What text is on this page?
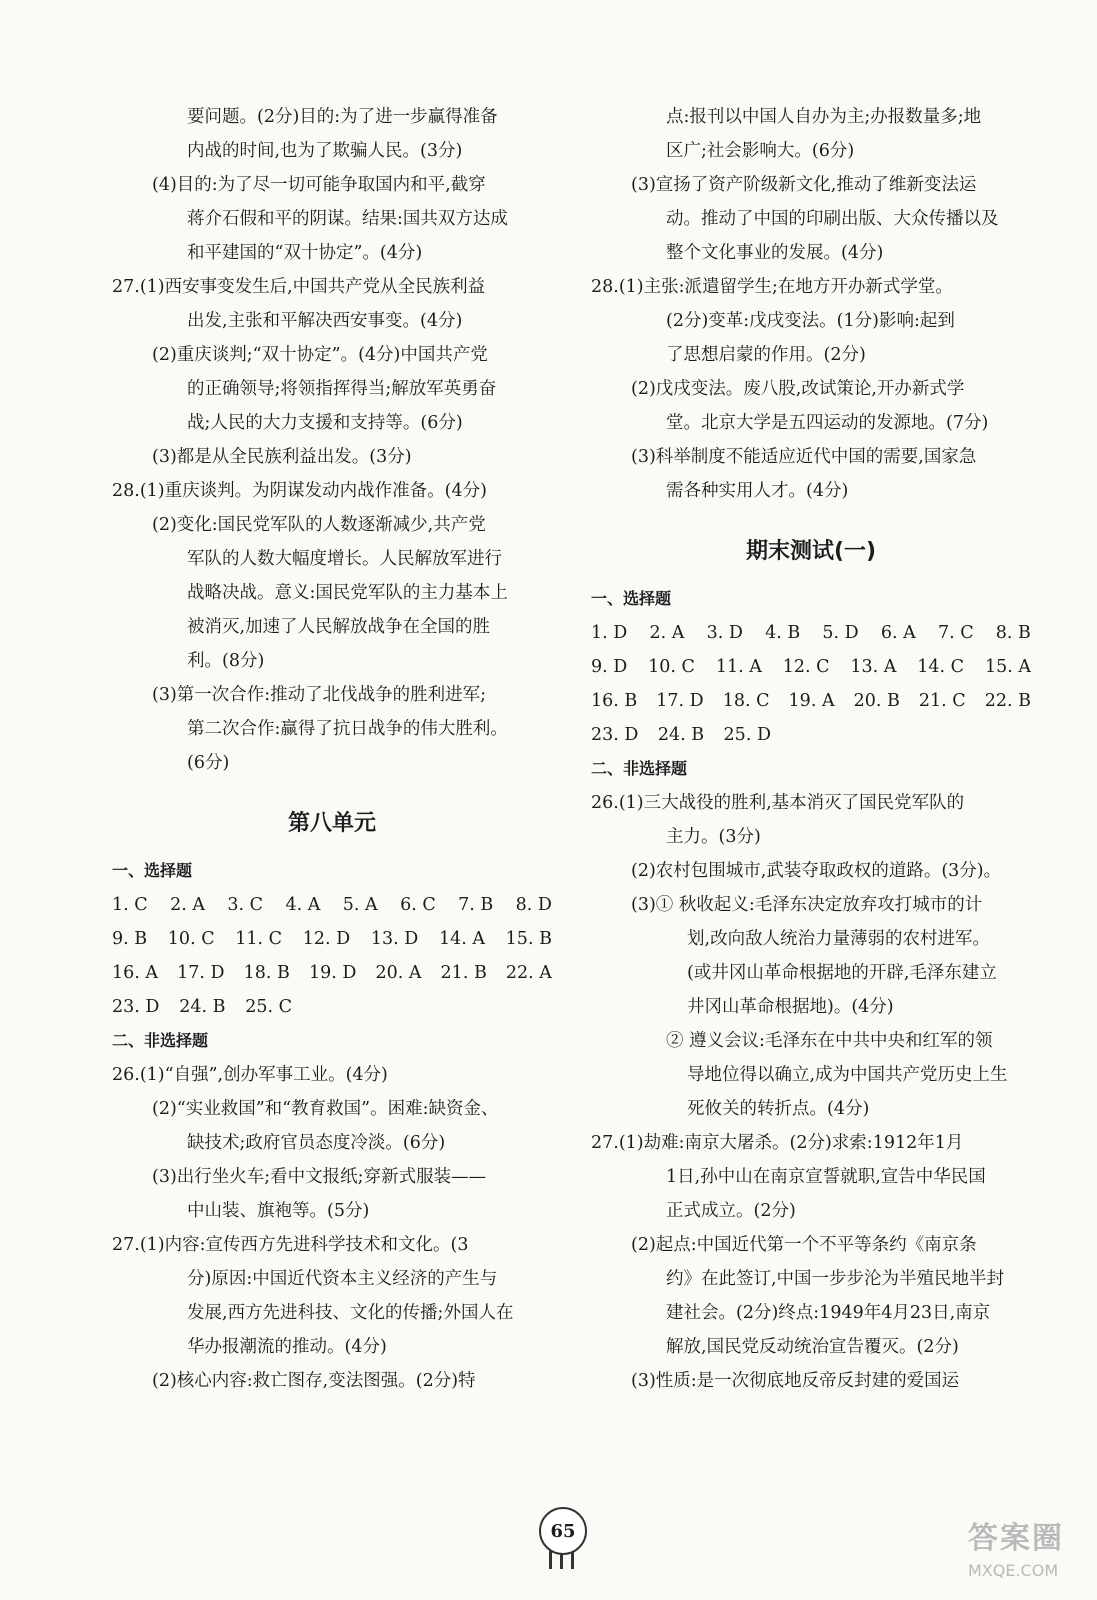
要问题。(2分)目的:为了进一步赢得准备
内战的时间,也为了欺骗人民。(3分)
(4)目的:为了尽一切可能争取国内和平,截穿
蒋介石假和平的阴谋。结果:国共双方达成
和平建国的“双十协定”。(4分)
27.(1)西安事变发生后,中国共产党从全民族利益
出发,主张和平解决西安事变。(4分)
(2)重庆谈判;“双十协定”。(4分)中国共产党
的正确领导;将领指挥得当;解放军英勇奋
战;人民的大力支援和支持等。(6分)
(3)都是从全民族利益出发。(3分)
28.(1)重庆谈判。为阴谋发动内战作准备。(4分)
(2)变化:国民党军队的人数逐渐减少,共产党
军队的人数大幅度增长。人民解放军进行
战略决战。意义:国民党军队的主力基本上
被消灭,加速了人民解放战争在全国的胜
利。(8分)
(3)第一次合作:推动了北伐战争的胜利进军;
第二次合作:赢得了抗日战争的伟大胜利。
(6分)
第八单元
一、选择题
1. C 2. A 3. C 4. A 5. A 6. C 7. B 8. D
9. B 10. C 11. C 12. D 13. D 14. A 15. B
16. A 17. D 18. B 19. D 20. A 21. B 22. A
23. D 24. B 25. C
二、非选择题
26.(1)“自强”,创办军事工业。(4分)
(2)“实业救国”和“教育救国”。困难:缺资金、
缺技术;政府官员态度冷淡。(6分)
(3)出行坐火车;看中文报纸;穿新式服装——
中山装、旗袍等。(5分)
27.(1)内容:宣传西方先进科学技术和文化。(3
分)原因:中国近代资本主义经济的产生与
发展,西方先进科技、文化的传播;外国人在
华办报潮流的推动。(4分)
(2)核心内容:救亡图存,变法图强。(2分)特
点:报刊以中国人自办为主;办报数量多;地
区广;社会影响大。(6分)
(3)宣扬了资产阶级新文化,推动了维新变法运
动。推动了中国的印刷出版、大众传播以及
整个文化事业的发展。(4分)
28.(1)主张:派遣留学生;在地方开办新式学堂。
(2分)变革:戊戌变法。(1分)影响:起到
了思想启蒙的作用。(2分)
(2)戊戌变法。废八股,改试策论,开办新式学
堂。北京大学是五四运动的发源地。(7分)
(3)科举制度不能适应近代中国的需要,国家急
需各种实用人才。(4分)
期末测试(一)
一、选择题
1. D 2. A 3. D 4. B 5. D 6. A 7. C 8. B
9. D 10. C 11. A 12. C 13. A 14. C 15. A
16. B 17. D 18. C 19. A 20. B 21. C 22. B
23. D 24. B 25. D
二、非选择题
26.(1)三大战役的胜利,基本消灭了国民党军队的
主力。(3分)
(2)农村包围城市,武装夺取政权的道路。(3分)。
(3)① 秋收起义:毛泽东决定放弃攻打城市的计
划,改向敌人统治力量薄弱的农村进军。
(或井冈山革命根据地的开辟,毛泽东建立
井冈山革命根据地)。(4分)
② 遵义会议:毛泽东在中共中央和红军的领
导地位得以确立,成为中国共产党历史上生
死攸关的转折点。(4分)
27.(1)劫难:南京大屠杀。(2分)求索:1912年1月
1日,孙中山在南京宣誓就职,宣告中华民国
正式成立。(2分)
(2)起点:中国近代第一个不平等条约《南京条
约》在此签订,中国一步步沦为半殖民地半封
建社会。(2分)终点:1949年4月23日,南京
解放,国民党反动统治宣告覆灭。(2分)
(3)性质:是一次彻底地反帝反封建的爱国运
65	答案圈
MXQE.COM
